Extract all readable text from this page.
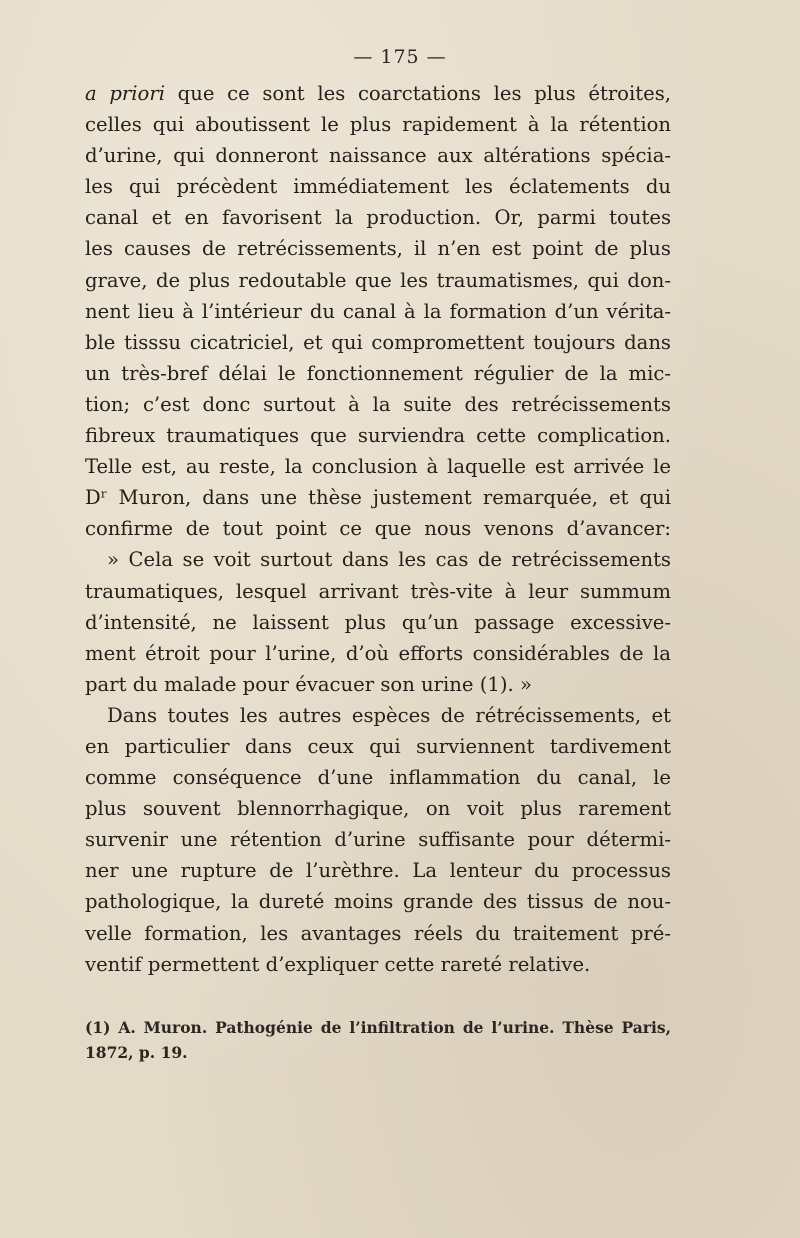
— 175 —
a priori que ce sont les coarctations les plus étroites,
celles qui aboutissent le plus rapidement à la rétention
d’urine, qui donneront naissance aux altérations spécia-
les qui précèdent immédiatement les éclatements du
canal et en favorisent la production. Or, parmi toutes
les causes de retrécissements, il n’en est point de plus
grave, de plus redoutable que les traumatismes, qui don-
nent lieu à l’intérieur du canal à la formation d’un vérita-
ble tisssu cicatriciel, et qui compromettent toujours dans
un très-bref délai le fonctionnement régulier de la mic-
tion; c’est donc surtout à la suite des retrécissements
fibreux traumatiques que surviendra cette complication.
Telle est, au reste, la conclusion à laquelle est arrivée le
Dʳ Muron, dans une thèse justement remarquée, et qui
confirme de tout point ce que nous venons d’avancer:
» Cela se voit surtout dans les cas de retrécissements
traumatiques, lesquel arrivant très-vite à leur summum
d’intensité, ne laissent plus qu’un passage excessive-
ment étroit pour l’urine, d’où efforts considérables de la
part du malade pour évacuer son urine (1). »
Dans toutes les autres espèces de rétrécissements, et
en particulier dans ceux qui surviennent tardivement
comme conséquence d’une inflammation du canal, le
plus souvent blennorrhagique, on voit plus rarement
survenir une rétention d’urine suffisante pour détermi-
ner une rupture de l’urèthre. La lenteur du processus
pathologique, la dureté moins grande des tissus de nou-
velle formation, les avantages réels du traitement pré-
ventif permettent d’expliquer cette rareté relative.
(1) A. Muron. Pathogénie de l’infiltration de l’urine. Thèse Paris,
1872, p. 19.
